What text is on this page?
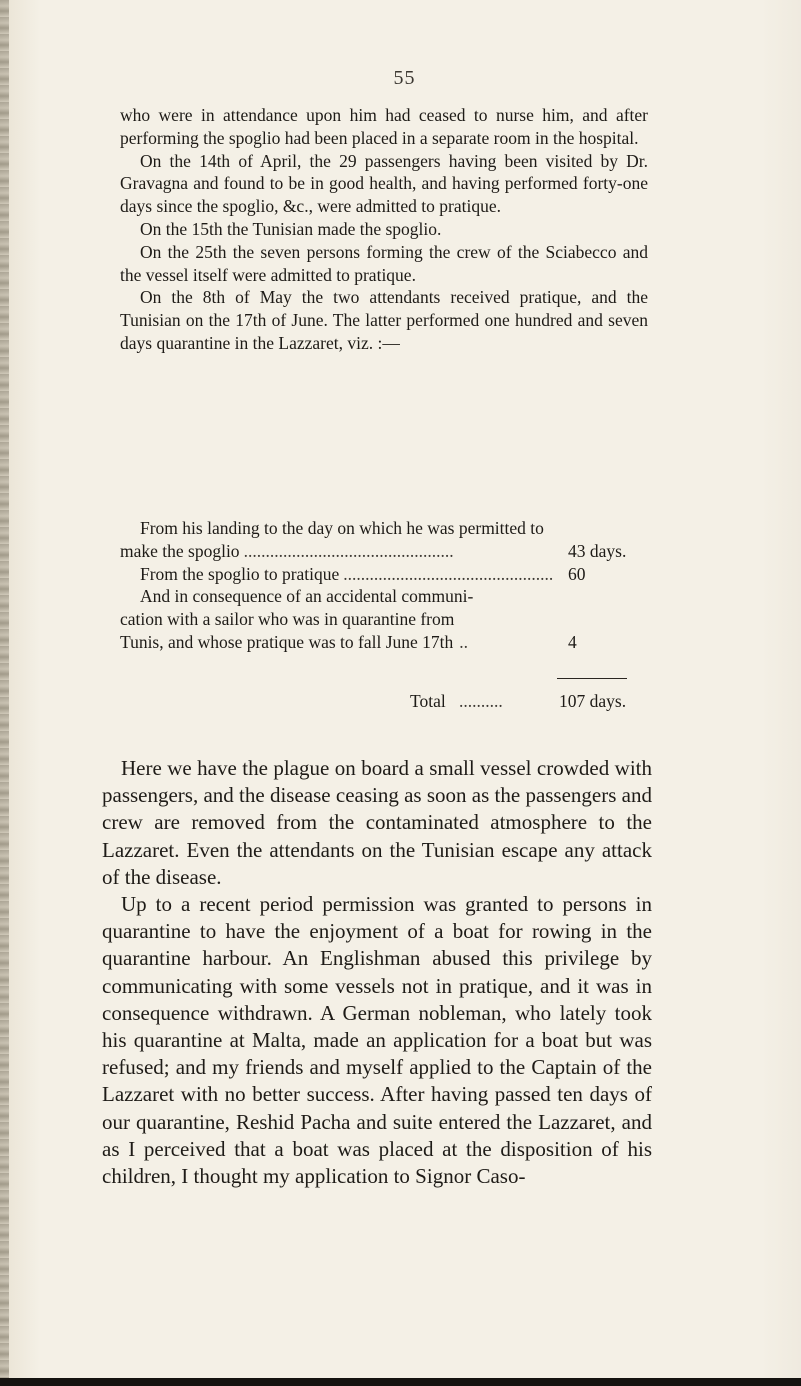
55

who were in attendance upon him had ceased to nurse him, and after performing the spoglio had been placed in a separate room in the hospital.

On the 14th of April, the 29 passengers having been visited by Dr. Gravagna and found to be in good health, and having performed forty-one days since the spoglio, &c., were admitted to pratique.

On the 15th the Tunisian made the spoglio.

On the 25th the seven persons forming the crew of the Sciabecco and the vessel itself were admitted to pratique.

On the 8th of May the two attendants received pratique, and the Tunisian on the 17th of June. The latter performed one hundred and seven days quarantine in the Lazzaret, viz. :—

From his landing to the day on which he was permitted to
make the spoglio ................................................	43 days.
From the spoglio to pratique ................................................ 60
And in consequence of an accidental communi-
cation with a sailor who was in quarantine from
Tunis, and whose pratique was to fall June 17th ..	4
Total ..........	107 days.

Here we have the plague on board a small vessel crowded with passengers, and the disease ceasing as soon as the passengers and crew are removed from the contaminated atmosphere to the Lazzaret. Even the attendants on the Tunisian escape any attack of the disease.

Up to a recent period permission was granted to persons in quarantine to have the enjoyment of a boat for rowing in the quarantine harbour. An Englishman abused this privilege by communicating with some vessels not in pratique, and it was in consequence withdrawn. A German nobleman, who lately took his quarantine at Malta, made an application for a boat but was refused; and my friends and myself applied to the Captain of the Lazzaret with no better success. After having passed ten days of our quarantine, Reshid Pacha and suite entered the Lazzaret, and as I perceived that a boat was placed at the disposition of his children, I thought my application to Signor Caso-
